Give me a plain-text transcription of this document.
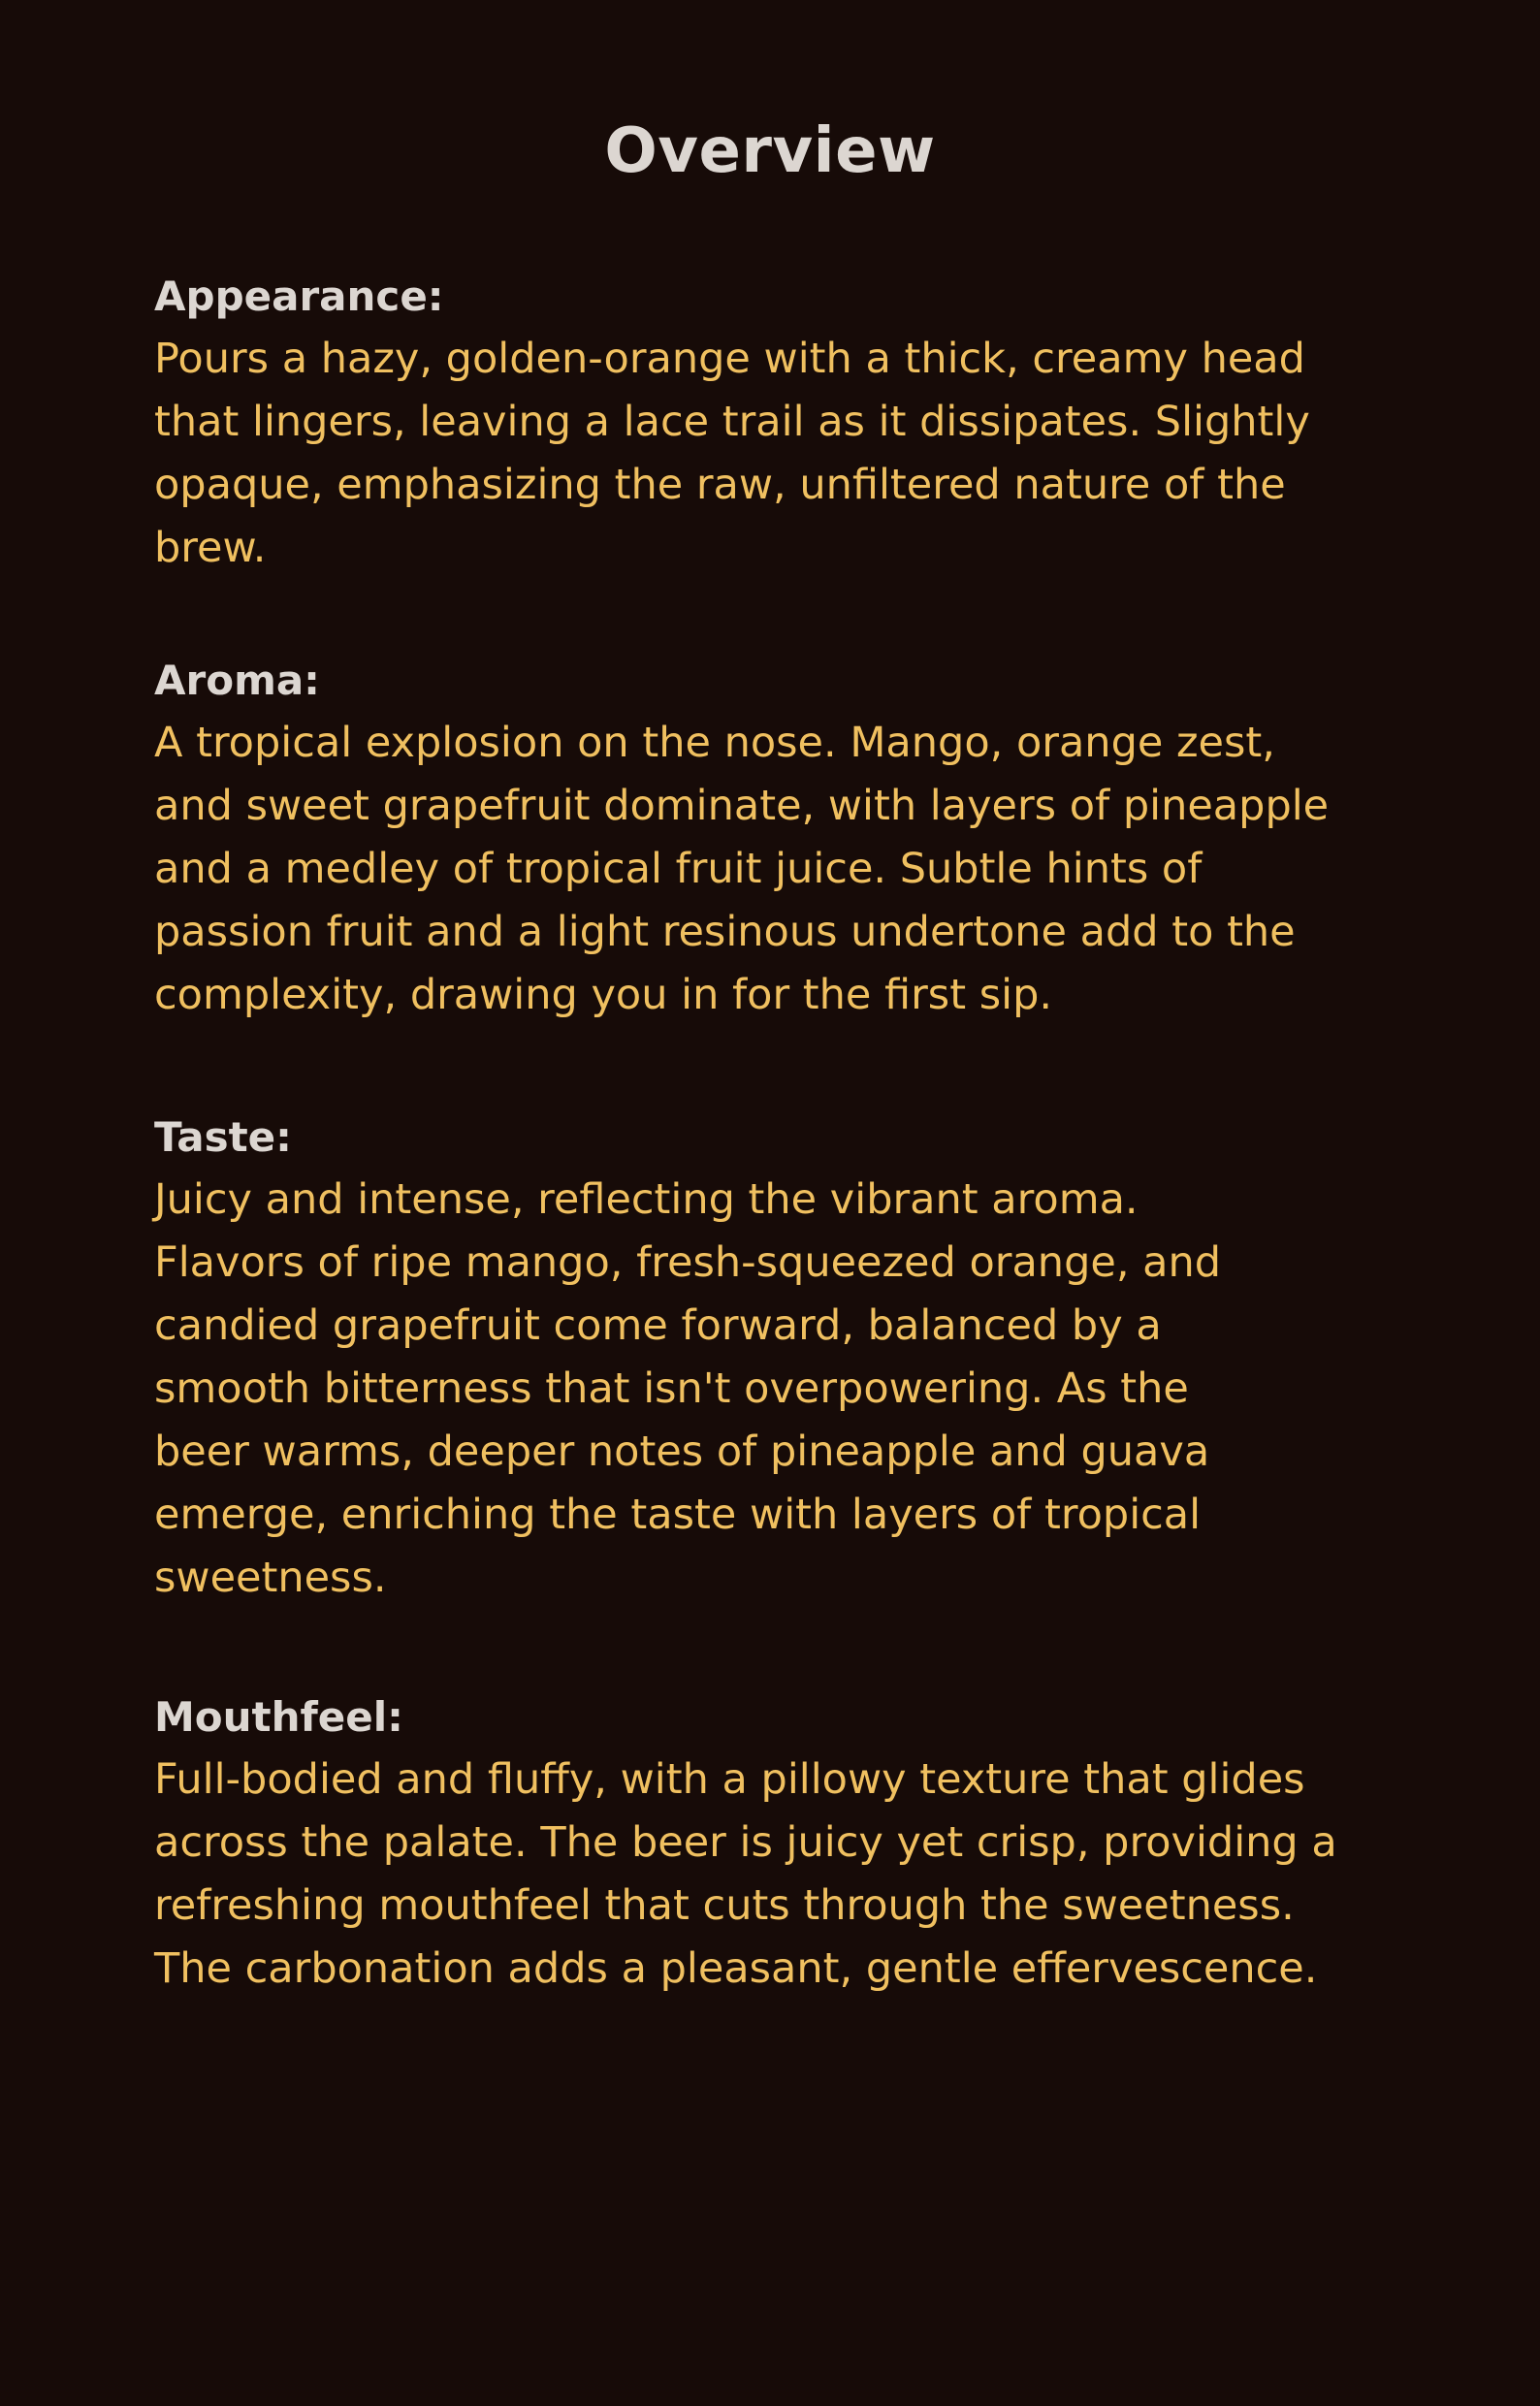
Overview
Appearance:
Pours a hazy, golden-orange with a thick, creamy head
that lingers, leaving a lace trail as it dissipates. Slightly
opaque, emphasizing the raw, unfiltered nature of the
brew.
Aroma:
A tropical explosion on the nose. Mango, orange zest,
and sweet grapefruit dominate, with layers of pineapple
and a medley of tropical fruit juice. Subtle hints of
passion fruit and a light resinous undertone add to the
complexity, drawing you in for the first sip.
Taste:
Juicy and intense, reflecting the vibrant aroma.
Flavors of ripe mango, fresh-squeezed orange, and
candied grapefruit come forward, balanced by a
smooth bitterness that isn't overpowering. As the
beer warms, deeper notes of pineapple and guava
emerge, enriching the taste with layers of tropical
sweetness.
Mouthfeel:
Full-bodied and fluffy, with a pillowy texture that glides
across the palate. The beer is juicy yet crisp, providing a
refreshing mouthfeel that cuts through the sweetness.
The carbonation adds a pleasant, gentle effervescence.
